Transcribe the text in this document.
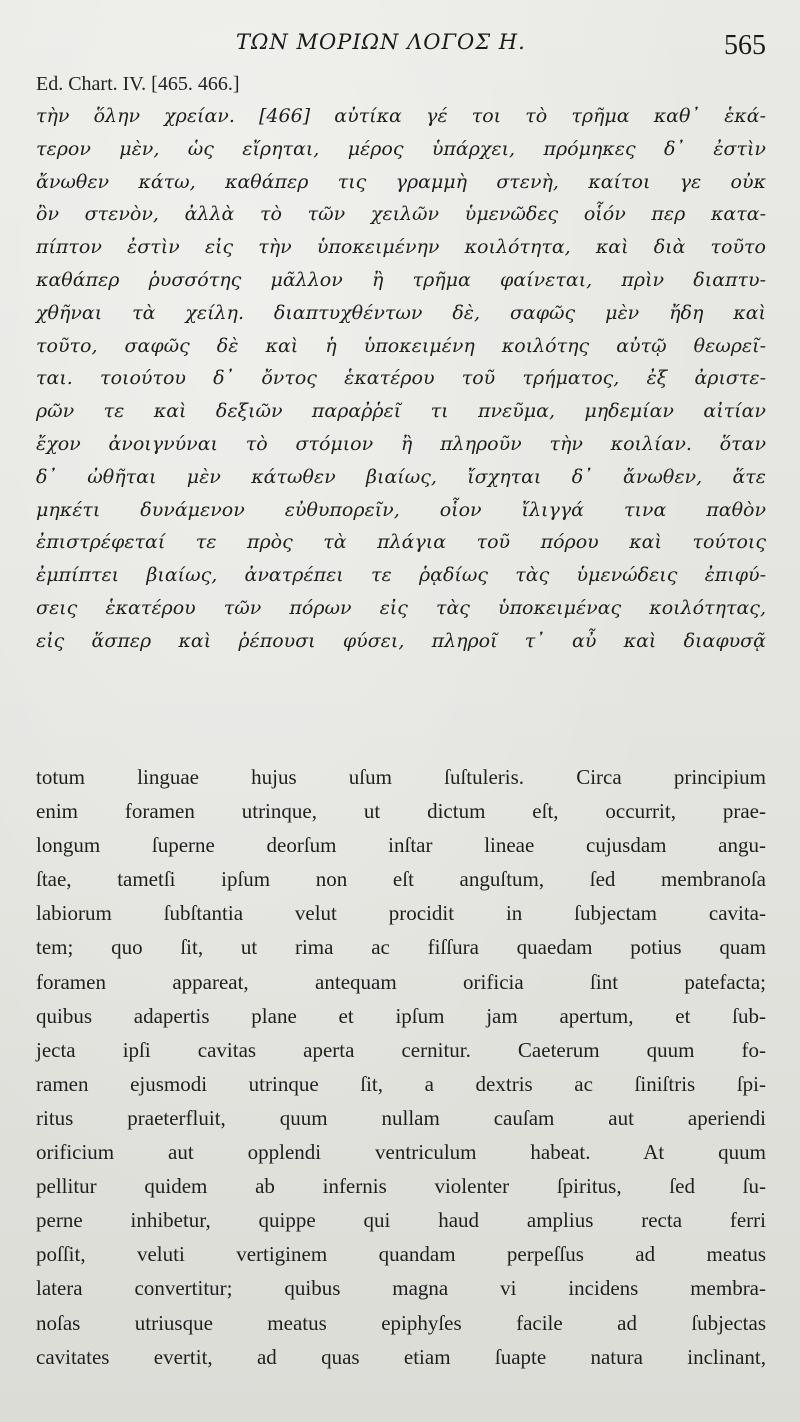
ΤΩΝ ΜΟΡΙΩΝ ΛΟΓΟΣ Η.	565
Ed. Chart. IV. [465. 466.]
τὴν ὅλην χρείαν. [466] αὐτίκα γέ τοι τὸ τρῆμα καθ᾽ ἑκά-
τερον μὲν, ὡς εἴρηται, μέρος ὑπάρχει, πρόμηκες δ᾽ ἐστὶν
ἄνωθεν κάτω, καθάπερ τις γραμμὴ στενὴ, καίτοι γε οὐκ
ὂν στενὸν, ἀλλὰ τὸ τῶν χειλῶν ὑμενῶδες οἷόν περ κατα-
πίπτον ἐστὶν εἰς τὴν ὑποκειμένην κοιλότητα, καὶ διὰ τοῦτο
καθάπερ ῥυσσότης μᾶλλον ἢ τρῆμα φαίνεται, πρὶν διαπτυ-
χθῆναι τὰ χείλη. διαπτυχθέντων δὲ, σαφῶς μὲν ἤδη καὶ
τοῦτο, σαφῶς δὲ καὶ ἡ ὑποκειμένη κοιλότης αὐτῷ θεωρεῖ-
ται. τοιούτου δ᾽ ὄντος ἑκατέρου τοῦ τρήματος, ἐξ ἀριστε-
ρῶν τε καὶ δεξιῶν παραῤῥεῖ τι πνεῦμα, μηδεμίαν αἰτίαν
ἔχον ἀνοιγνύναι τὸ στόμιον ἢ πληροῦν τὴν κοιλίαν. ὅταν
δ᾽ ὠθῆται μὲν κάτωθεν βιαίως, ἴσχηται δ᾽ ἄνωθεν, ἅτε
μηκέτι δυνάμενον εὐθυπορεῖν, οἷον ἴλιγγά τινα παθὸν
ἐπιστρέφεταί τε πρὸς τὰ πλάγια τοῦ πόρου καὶ τούτοις
ἐμπίπτει βιαίως, ἀνατρέπει τε ῥᾳδίως τὰς ὑμενώδεις ἐπιφύ-
σεις ἑκατέρου τῶν πόρων εἰς τὰς ὑποκειμένας κοιλότητας,
εἰς ἅσπερ καὶ ῥέπουσι φύσει, πληροῖ τ᾽ αὖ καὶ διαφυσᾷ
totum linguae hujus uſum ſuſtuleris. Circa principium
enim foramen utrinque, ut dictum eſt, occurrit, prae-
longum ſuperne deorſum inſtar lineae cujusdam angu-
ſtae, tametſi ipſum non eſt anguſtum, ſed membranoſa
labiorum ſubſtantia velut procidit in ſubjectam cavita-
tem; quo ſit, ut rima ac fiſſura quaedam potius quam
foramen appareat, antequam orificia ſint patefacta;
quibus adapertis plane et ipſum jam apertum, et ſub-
jecta ipſi cavitas aperta cernitur. Caeterum quum fo-
ramen ejusmodi utrinque ſit, a dextris ac ſiniſtris ſpi-
ritus praeterfluit, quum nullam cauſam aut aperiendi
orificium aut opplendi ventriculum habeat. At quum
pellitur quidem ab infernis violenter ſpiritus, ſed ſu-
perne inhibetur, quippe qui haud amplius recta ferri
poſſit, veluti vertiginem quandam perpeſſus ad meatus
latera convertitur; quibus magna vi incidens membra-
noſas utriusque meatus epiphyſes facile ad ſubjectas
cavitates evertit, ad quas etiam ſuapte natura inclinant,
